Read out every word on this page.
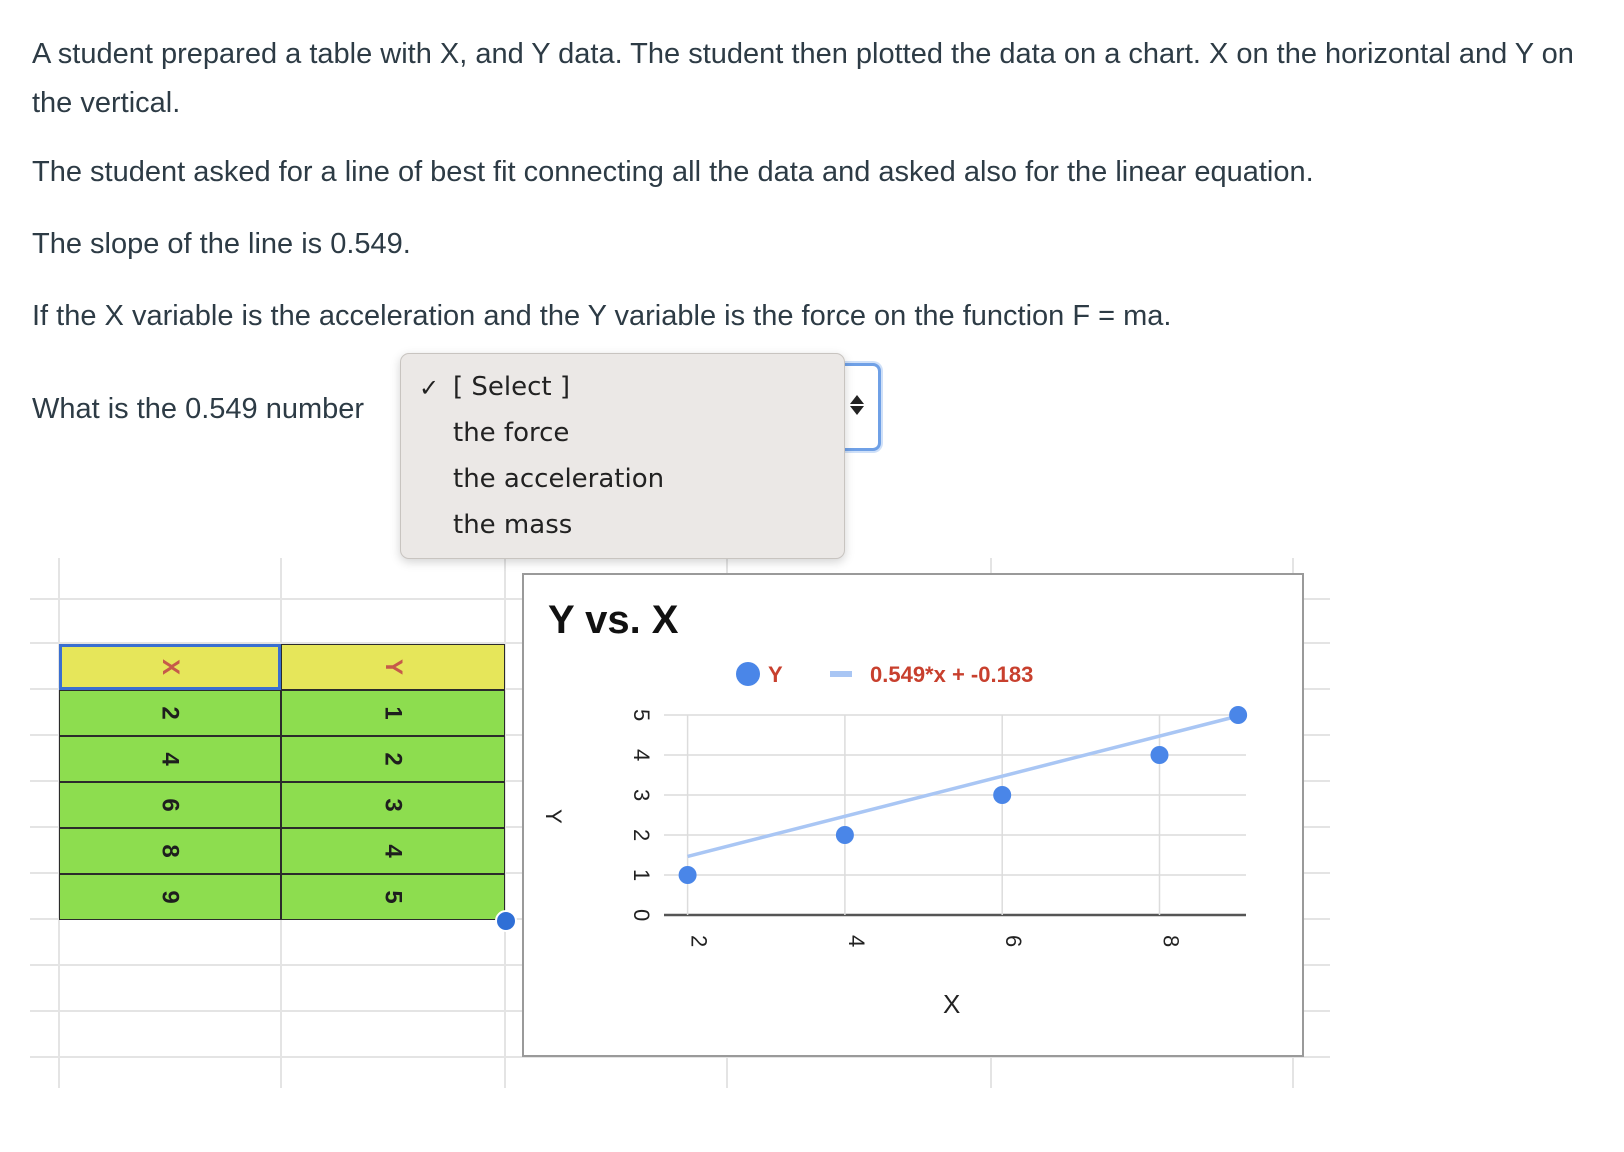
A student prepared a table with X, and Y data. The student then plotted the data on a chart. X on the horizontal and Y on the vertical.

The student asked for a line of best fit connecting all the data and asked also for the linear equation.

The slope of the line is 0.549.

If the X variable is the acceleration and the Y variable is the force on the function F = ma.

What is the 0.549 number

✓ [ Select ]
the force
the acceleration
the mass
X	Y
2	1
4	2
6	3
8	4
9	5
Y vs. X
Y	0.549*x + -0.183
0
1
2
3
4
5
2	4	6	8
X
Y
